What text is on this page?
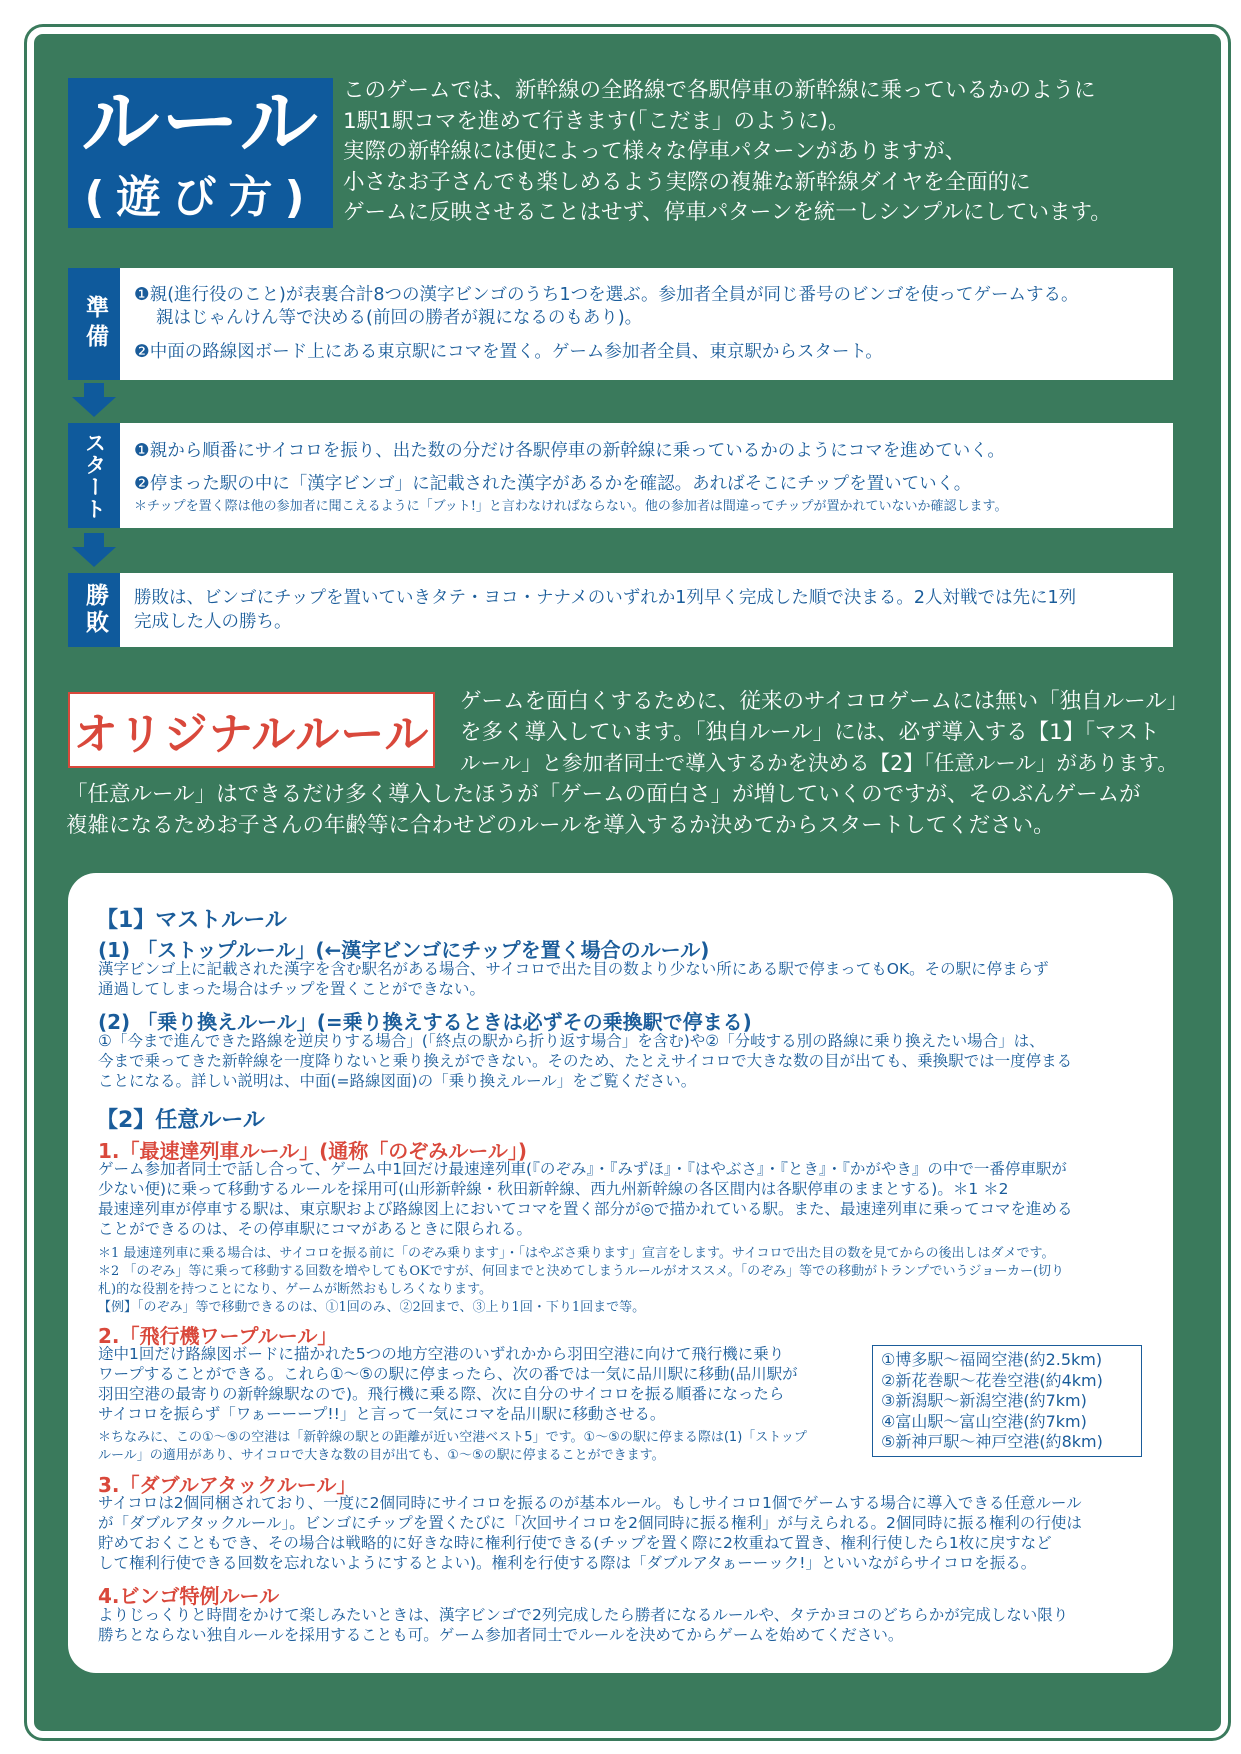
ルール
(遊び方)
このゲームでは、新幹線の全路線で各駅停車の新幹線に乗っているかのように
1駅1駅コマを進めて行きます(「こだま」のように)。
実際の新幹線には便によって様々な停車パターンがありますが、
小さなお子さんでも楽しめるよう実際の複雑な新幹線ダイヤを全面的に
ゲームに反映させることはせず、停車パターンを統一しシンプルにしています。
準備	❶親(進行役のこと)が表裏合計8つの漢字ビンゴのうち1つを選ぶ。参加者全員が同じ番号のビンゴを使ってゲームする。
親はじゃんけん等で決める(前回の勝者が親になるのもあり)。
❷中面の路線図ボード上にある東京駅にコマを置く。ゲーム参加者全員、東京駅からスタート。
スタート	❶親から順番にサイコロを振り、出た数の分だけ各駅停車の新幹線に乗っているかのようにコマを進めていく。
❷停まった駅の中に「漢字ビンゴ」に記載された漢字があるかを確認。あればそこにチップを置いていく。
＊チップを置く際は他の参加者に聞こえるように「ブット!」と言わなければならない。他の参加者は間違ってチップが置かれていないか確認します。
勝敗	勝敗は、ビンゴにチップを置いていきタテ・ヨコ・ナナメのいずれか1列早く完成した順で決まる。2人対戦では先に1列
完成した人の勝ち。
オリジナルルール
ゲームを面白くするために、従来のサイコロゲームには無い「独自ルール」
を多く導入しています。「独自ルール」には、必ず導入する【1】「マスト
ルール」と参加者同士で導入するかを決める【2】「任意ルール」があります。
「任意ルール」はできるだけ多く導入したほうが「ゲームの面白さ」が増していくのですが、そのぶんゲームが
複雑になるためお子さんの年齢等に合わせどのルールを導入するか決めてからスタートしてください。
【1】マストルール
(1) 「ストップルール」(←漢字ビンゴにチップを置く場合のルール)
漢字ビンゴ上に記載された漢字を含む駅名がある場合、サイコロで出た目の数より少ない所にある駅で停まってもOK。その駅に停まらず
通過してしまった場合はチップを置くことができない。
(2) 「乗り換えルール」(=乗り換えするときは必ずその乗換駅で停まる)
①「今まで進んできた路線を逆戻りする場合」(「終点の駅から折り返す場合」を含む)や②「分岐する別の路線に乗り換えたい場合」は、
今まで乗ってきた新幹線を一度降りないと乗り換えができない。そのため、たとえサイコロで大きな数の目が出ても、乗換駅では一度停まる
ことになる。詳しい説明は、中面(=路線図面)の「乗り換えルール」をご覧ください。
【2】任意ルール
1.「最速達列車ルール」(通称「のぞみルール」)
ゲーム参加者同士で話し合って、ゲーム中1回だけ最速達列車(『のぞみ』・『みずほ』・『はやぶさ』・『とき』・『かがやき』の中で一番停車駅が
少ない便)に乗って移動するルールを採用可(山形新幹線・秋田新幹線、西九州新幹線の各区間内は各駅停車のままとする)。＊1 ＊2
最速達列車が停車する駅は、東京駅および路線図上においてコマを置く部分が◎で描かれている駅。また、最速達列車に乗ってコマを進める
ことができるのは、その停車駅にコマがあるときに限られる。
＊1 最速達列車に乗る場合は、サイコロを振る前に「のぞみ乗ります」・「はやぶさ乗ります」宣言をします。サイコロで出た目の数を見てからの後出しはダメです。
＊2 「のぞみ」等に乗って移動する回数を増やしてもOKですが、何回までと決めてしまうルールがオススメ。「のぞみ」等での移動がトランプでいうジョーカー(切り
札)的な役割を持つことになり、ゲームが断然おもしろくなります。
【例】「のぞみ」等で移動できるのは、①1回のみ、②2回まで、③上り1回・下り1回まで等。
2.「飛行機ワープルール」
途中1回だけ路線図ボードに描かれた5つの地方空港のいずれかから羽田空港に向けて飛行機に乗り
ワープすることができる。これら①～⑤の駅に停まったら、次の番では一気に品川駅に移動(品川駅が
羽田空港の最寄りの新幹線駅なので)。飛行機に乗る際、次に自分のサイコロを振る順番になったら
サイコロを振らず「ワぁーーープ!!」と言って一気にコマを品川駅に移動させる。
＊ちなみに、この①～⑤の空港は「新幹線の駅との距離が近い空港ベスト5」です。①～⑤の駅に停まる際は(1)「ストップ
ルール」の適用があり、サイコロで大きな数の目が出ても、①～⑤の駅に停まることができます。
①博多駅～福岡空港(約2.5km)
②新花巻駅～花巻空港(約4km)
③新潟駅～新潟空港(約7km)
④富山駅～富山空港(約7km)
⑤新神戸駅～神戸空港(約8km)
3.「ダブルアタックルール」
サイコロは2個同梱されており、一度に2個同時にサイコロを振るのが基本ルール。もしサイコロ1個でゲームする場合に導入できる任意ルール
が「ダブルアタックルール」。ビンゴにチップを置くたびに「次回サイコロを2個同時に振る権利」が与えられる。2個同時に振る権利の行使は
貯めておくこともでき、その場合は戦略的に好きな時に権利行使できる(チップを置く際に2枚重ねて置き、権利行使したら1枚に戻すなど
して権利行使できる回数を忘れないようにするとよい)。権利を行使する際は「ダブルアタぁーーック!」といいながらサイコロを振る。
4.ビンゴ特例ルール
よりじっくりと時間をかけて楽しみたいときは、漢字ビンゴで2列完成したら勝者になるルールや、タテかヨコのどちらかが完成しない限り
勝ちとならない独自ルールを採用することも可。ゲーム参加者同士でルールを決めてからゲームを始めてください。
